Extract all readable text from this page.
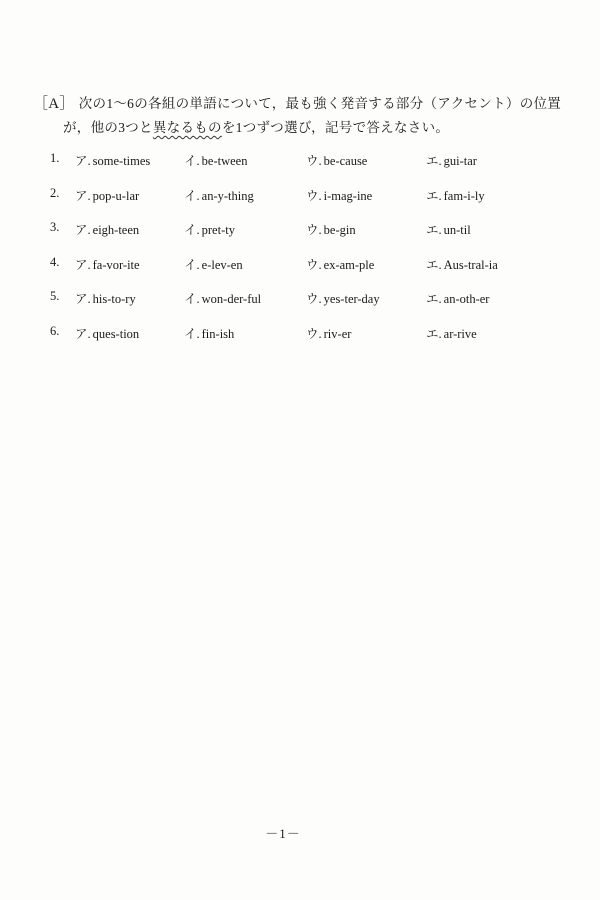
［A］ 次の1～6の各組の単語について，最も強く発音する部分（アクセント）の位置
が，他の3つと異なるものを1つずつ選び，記号で答えなさい。
1. ア. some-times	イ. be-tween	ウ. be-cause	エ. gui-tar
2. ア. pop-u-lar	イ. an-y-thing	ウ. i-mag-ine	エ. fam-i-ly
3. ア. eigh-teen	イ. pret-ty	ウ. be-gin	エ. un-til
4. ア. fa-vor-ite	イ. e-lev-en	ウ. ex-am-ple	エ. Aus-tral-ia
5. ア. his-to-ry	イ. won-der-ful	ウ. yes-ter-day	エ. an-oth-er
6. ア. ques-tion	イ. fin-ish	ウ. riv-er	エ. ar-rive
－1－
